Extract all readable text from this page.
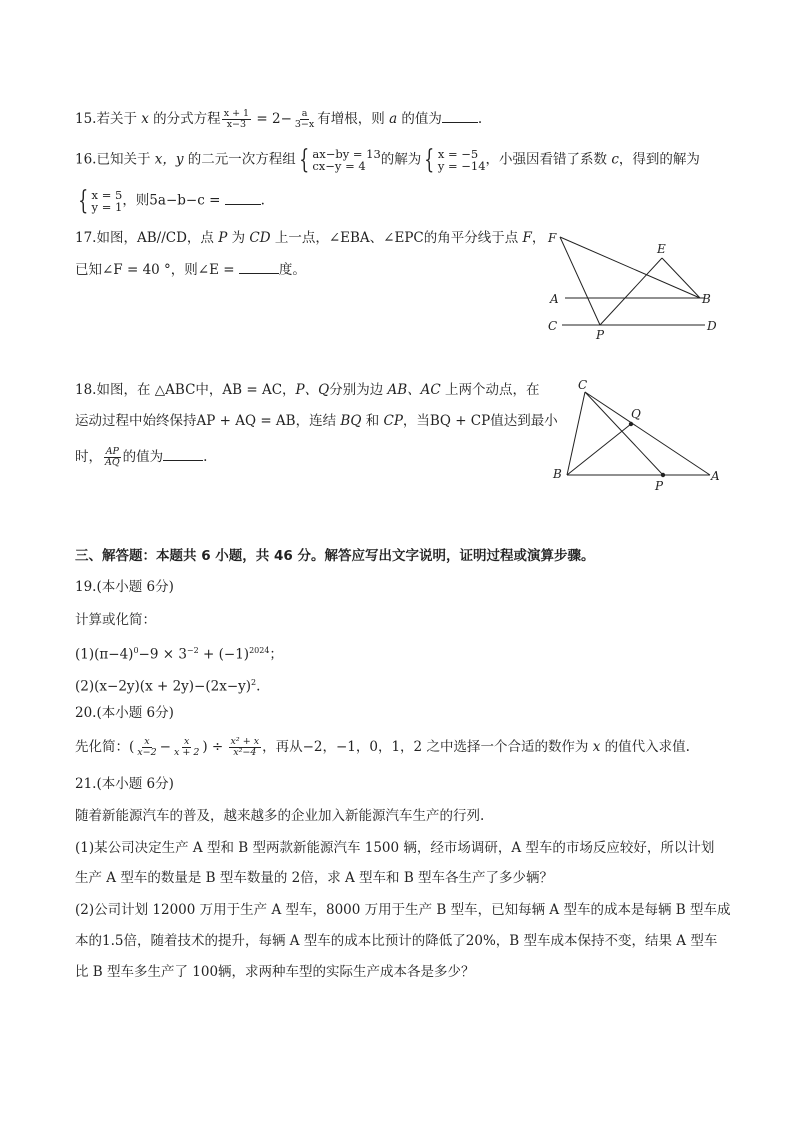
15.若关于 x 的分式方程 $\frac{x + 1}{x-3} = 2- \frac{a}{3-x}$ 有增根，则 a 的值为	.
16.已知关于 x，y 的二元一次方程组 { ax−by = 13
cx−y = 4	的解为 { x = −5
y = −14 ，小强因看错了系数 c，得到的解为
{ x = 5
y = 1 ，则5a−b−c =	.
17.如图，AB//CD，点 P 为 CD 上一点，∠EBA、∠EPC的角平分线于点 F，
已知∠F = 40 °，则∠E =	度。
F
E
A	B
C
P
D
18.如图，在 △ABC中，AB = AC，P、Q分别为边 AB、AC 上两个动点，在
运动过程中始终保持AP + AQ = AB，连结 BQ 和 CP，当BQ + CP值达到最小
时， $\frac{AP}{AQ}$ 的值为	.
C
Q
B
P
A
三、解答题：本题共 6 小题，共 46 分。解答应写出文字说明，证明过程或演算步骤。
19.(本小题 6分)
计算或化简：
$(1)(\pi-4)^0-9 \times 3^{-2} + (-1)^{2024}$；
$(2)(x-2y)(x + 2y)-(2x-y)^2$.
20.(本小题 6分)
先化简：( $\frac{x}{x-2} - \frac{x}{x + 2}$ ) ÷ $\frac{\text{x² + x}}{\text{x²−4}}$ ，再从−2，−1，0，1，2 之中选择一个合适的数作为 x 的值代入求值.
21.(本小题 6分)
随着新能源汽车的普及，越来越多的企业加入新能源汽车生产的行列.
(1)某公司决定生产 A 型和 B 型两款新能源汽车 1500 辆，经市场调研，A 型车的市场反应较好，所以计划
生产 A 型车的数量是 B 型车数量的 2倍，求 A 型车和 B 型车各生产了多少辆？
(2)公司计划 12000 万用于生产 A 型车，8000 万用于生产 B 型车，已知每辆 A 型车的成本是每辆 B 型车成
本的1.5倍，随着技术的提升，每辆 A 型车的成本比预计的降低了20%，B 型车成本保持不变，结果 A 型车
比 B 型车多生产了 100辆，求两种车型的实际生产成本各是多少？
